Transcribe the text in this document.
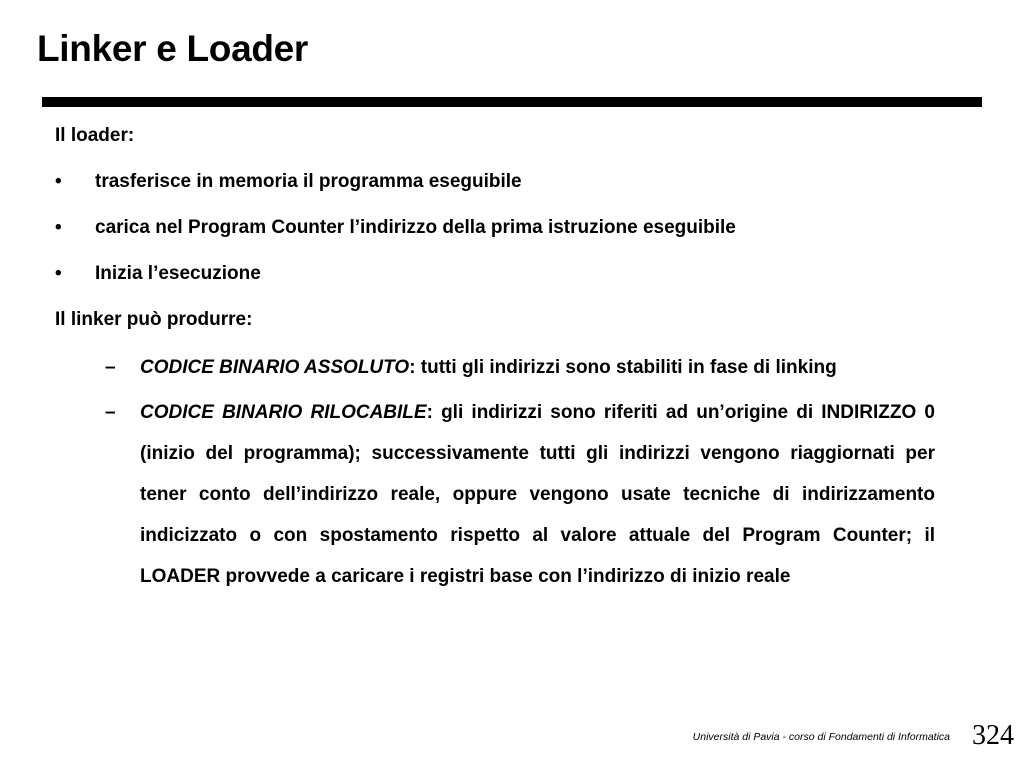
Linker e Loader
Il loader:
•	trasferisce in memoria il programma eseguibile
•	carica nel Program Counter l’indirizzo della prima istruzione eseguibile
•	Inizia l’esecuzione
Il linker può produrre:
–	CODICE BINARIO ASSOLUTO: tutti gli indirizzi sono stabiliti in fase di linking
–	CODICE BINARIO RILOCABILE: gli indirizzi sono riferiti ad un’origine di INDIRIZZO 0 (inizio del programma); successivamente tutti gli indirizzi vengono riaggiornati per tener conto dell’indirizzo reale, oppure vengono usate tecniche di indirizzamento indicizzato o con spostamento rispetto al valore attuale del Program Counter; il LOADER provvede a caricare i registri base con l’indirizzo di inizio reale
Università di Pavia - corso di Fondamenti di Informatica 324
